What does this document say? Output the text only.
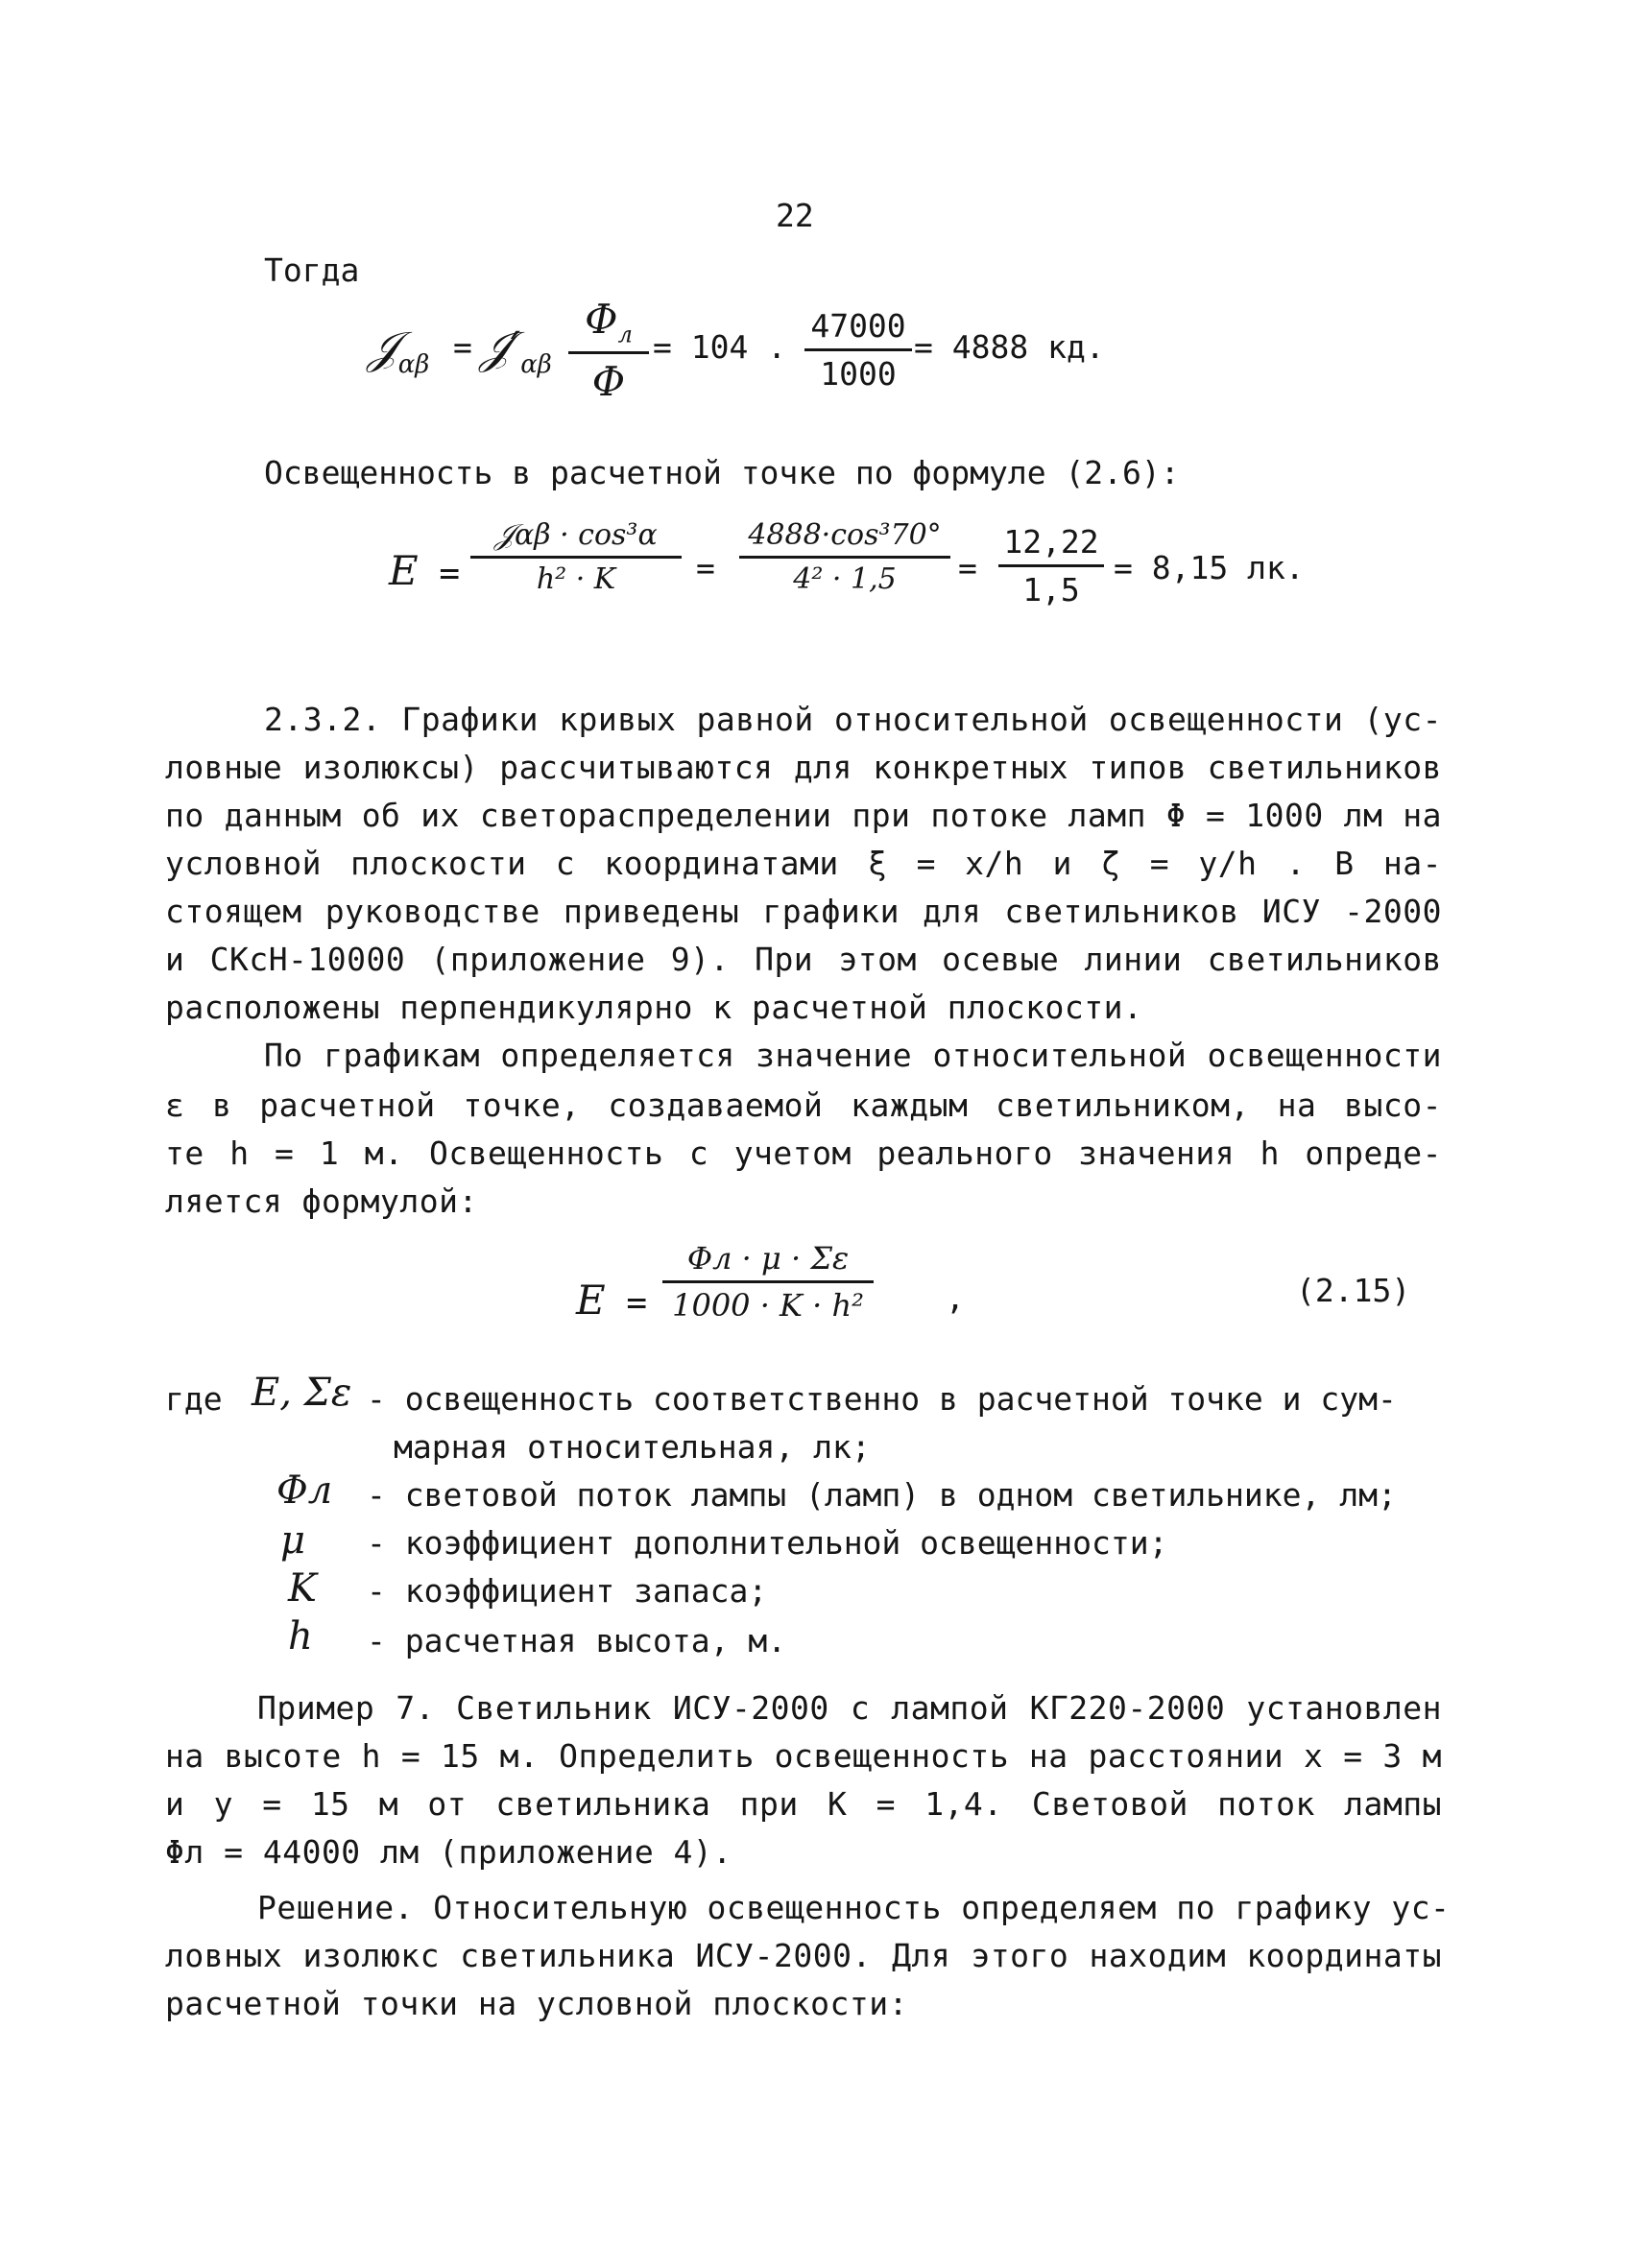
22
Тогда
𝒥$_{\alpha\beta}$ = $𝒥'_{\alpha\beta}$
$\Phi_л$
Φ
= 104 . $\frac{47000}{1000} = 4888$ кд.
Освещенность в расчетной точке по формуле (2.6):
E =
𝒥αβ · cos³α
h² · K	= $\frac{\text{4888·cos³70°}}{\text{4² · 1,5}} = \frac{12,22}{1,5} = 8,15$ лк.
2.3.2. Графики кривых равной относительной освещенности (ус-
ловные изолюксы) рассчитываются для конкретных типов светильников
по данным об их светораспределении при потоке ламп Φ = 1000 лм на
условной плоскости с координатами ξ = x/h и ζ = y/h . В на-
стоящем руководстве приведены графики для светильников ИСУ -2000
и СКсН-10000 (приложение 9). При этом осевые линии светильников
расположены перпендикулярно к расчетной плоскости.
По графикам определяется значение относительной освещенности
ε в расчетной точке, создаваемой каждым светильником, на высо-
те h = 1 м. Освещенность с учетом реального значения h опреде-
ляется формулой:
E =
Φл · μ · Σε
1000 · K · h²	,	(2.15)
где E, Σε - освещенность соответственно в расчетной точке и сум-
марная относительная, лк;
Φл - световой поток лампы (ламп) в одном светильнике, лм;
μ - коэффициент дополнительной освещенности;
K - коэффициент запаса;
h - расчетная высота, м.
Пример 7. Светильник ИСУ-2000 с лампой КГ220-2000 установлен
на высоте h = 15 м. Определить освещенность на расстоянии x = 3 м
и y = 15 м от светильника при K = 1,4. Световой поток лампы
Φл = 44000 лм (приложение 4).
Решение. Относительную освещенность определяем по графику ус-
ловных изолюкс светильника ИСУ-2000. Для этого находим координаты
расчетной точки на условной плоскости:
